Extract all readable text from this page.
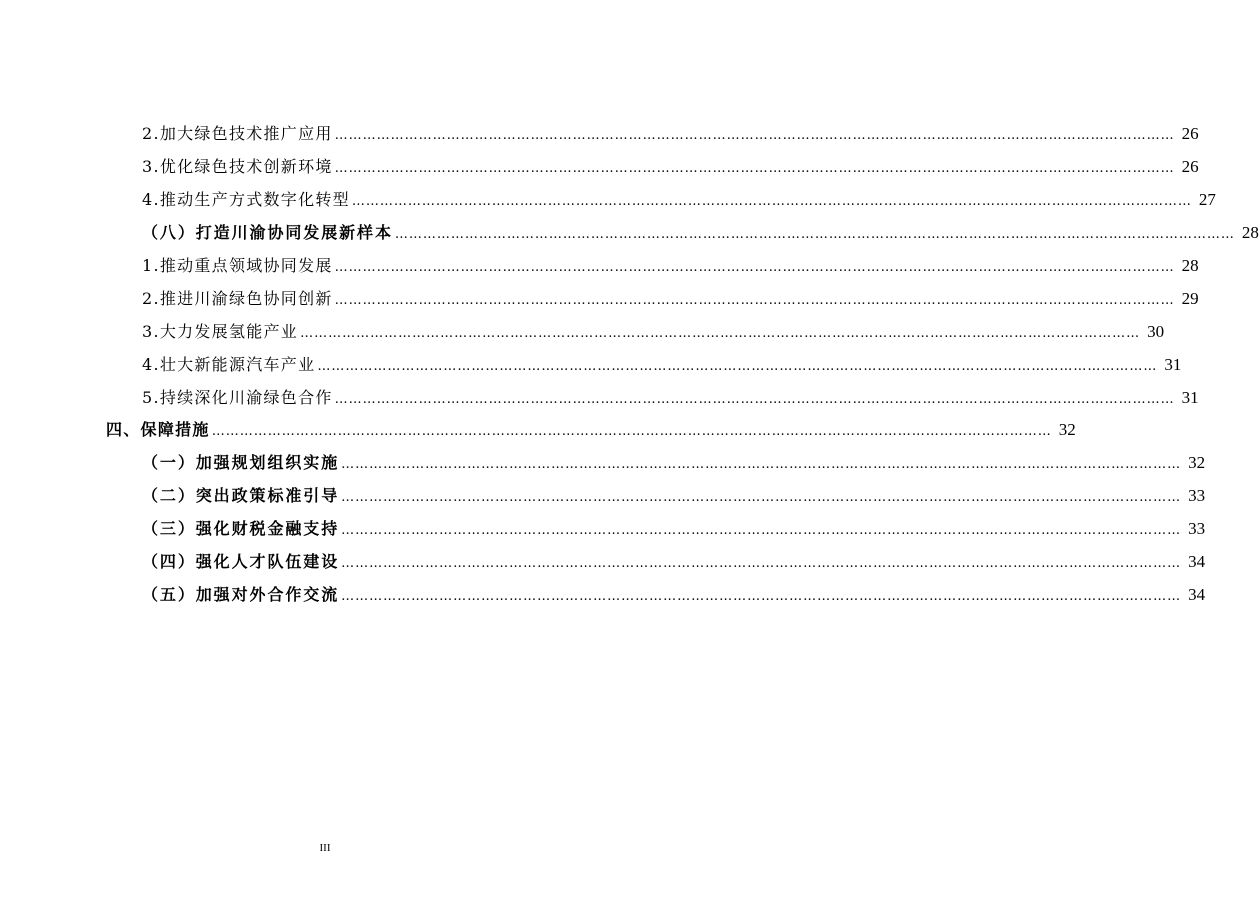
2.加大绿色技术推广应用 ……………………………………………………………………………………………………………………………………………………………… 26
3.优化绿色技术创新环境 ……………………………………………………………………………………………………………………………………………………………… 26
4.推动生产方式数字化转型 ……………………………………………………………………………………………………………………………………………………………… 27
（八）打造川渝协同发展新样本 ……………………………………………………………………………………………………………………………………………………………… 28
1.推动重点领域协同发展 ……………………………………………………………………………………………………………………………………………………………… 28
2.推进川渝绿色协同创新 ……………………………………………………………………………………………………………………………………………………………… 29
3.大力发展氢能产业 ……………………………………………………………………………………………………………………………………………………………… 30
4.壮大新能源汽车产业 ……………………………………………………………………………………………………………………………………………………………… 31
5.持续深化川渝绿色合作 ……………………………………………………………………………………………………………………………………………………………… 31
四、保障措施 ……………………………………………………………………………………………………………………………………………………………… 32
（一）加强规划组织实施 ……………………………………………………………………………………………………………………………………………………………… 32
（二）突出政策标准引导 ……………………………………………………………………………………………………………………………………………………………… 33
（三）强化财税金融支持 ……………………………………………………………………………………………………………………………………………………………… 33
（四）强化人才队伍建设 ……………………………………………………………………………………………………………………………………………………………… 34
（五）加强对外合作交流 ……………………………………………………………………………………………………………………………………………………………… 34
III
